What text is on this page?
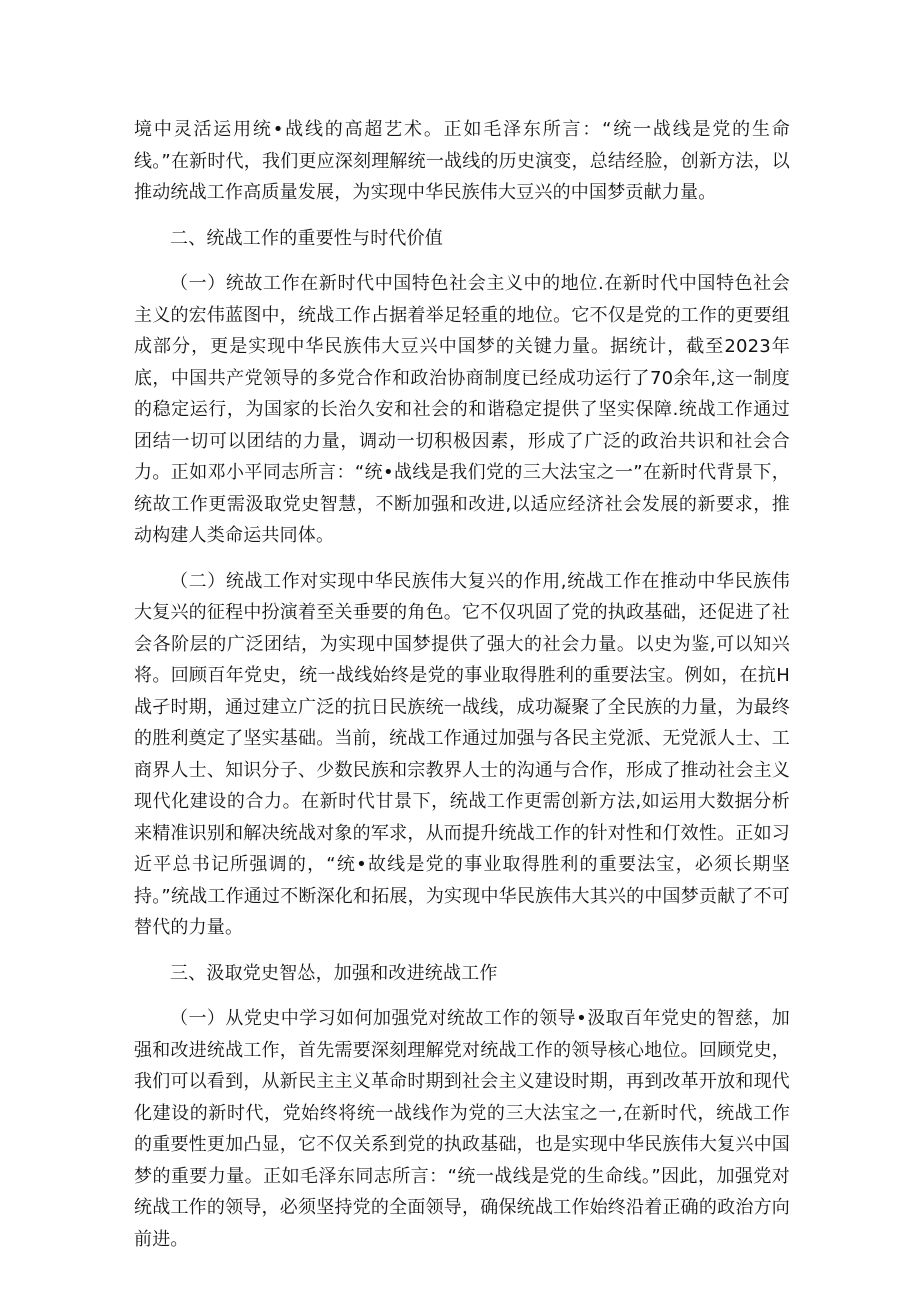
境中灵活运用统•战线的高超艺术。正如毛泽东所言：“统一战线是党的生命线。”在新时代，我们更应深刻理解统一战线的历史演变，总结经脸，创新方法，以推动统战工作高质量发展，为实现中华民族伟大豆兴的中国梦贡献力量。

二、统战工作的重要性与时代价值

（一）统故工作在新时代中国特色社会主义中的地位.在新时代中国特色社会主义的宏伟蓝图中，统战工作占据着举足轻重的地位。它不仅是党的工作的更要组成部分，更是实现中华民族伟大豆兴中国梦的关键力量。据统计，截至2023年底，中国共产党领导的多党合作和政治协商制度已经成功运行了70余年,这一制度的稳定运行，为国家的长治久安和社会的和谐稳定提供了坚实保障.统战工作通过团结一切可以团结的力量，调动一切积极因素，形成了广泛的政治共识和社会合力。正如邓小平同志所言：“统•战线是我们党的三大法宝之一”在新时代背景下，统故工作更需汲取党史智慧，不断加强和改进,以适应经济社会发展的新要求，推动构建人类命运共同体。

（二）统战工作对实现中华民族伟大复兴的作用,统战工作在推动中华民族伟大复兴的征程中扮演着至关垂要的角色。它不仅巩固了党的执政基础，还促进了社会各阶层的广泛团结，为实现中国梦提供了强大的社会力量。以史为鉴,可以知兴将。回顾百年党史，统一战线始终是党的事业取得胜利的重要法宝。例如，在抗H战孑时期，通过建立广泛的抗日民族统一战线，成功凝聚了全民族的力量，为最终的胜利奠定了坚实基础。当前，统战工作通过加强与各民主党派、无党派人士、工商界人士、知识分子、少数民族和宗教界人士的沟通与合作，形成了推动社会主义现代化建设的合力。在新时代甘景下，统战工作更需创新方法,如运用大数据分析来精准识别和解决统战对象的军求，从而提升统战工作的针对性和仃效性。正如习近平总书记所强调的，“统•故线是党的事业取得胜利的重要法宝，必须长期坚持。”统战工作通过不断深化和拓展，为实现中华民族伟大其兴的中国梦贡献了不可替代的力量。

三、汲取党史智怂，加强和改进统战工作

（一）从党史中学习如何加强党对统故工作的领导•汲取百年党史的智慈，加强和改进统战工作，首先需要深刻理解党对统战工作的领导核心地位。回顾党史，我们可以看到，从新民主主义革命时期到社会主义建设时期，再到改革开放和现代化建设的新时代，党始终将统一战线作为党的三大法宝之一,在新时代，统战工作的重要性更加凸显，它不仅关系到党的执政基础，也是实现中华民族伟大复兴中国梦的重要力量。正如毛泽东同志所言：“统一战线是党的生命线。”因此，加强党对统战工作的领导，必须坚持党的全面领导，确保统战工作始终沿着正确的政治方向前进。
